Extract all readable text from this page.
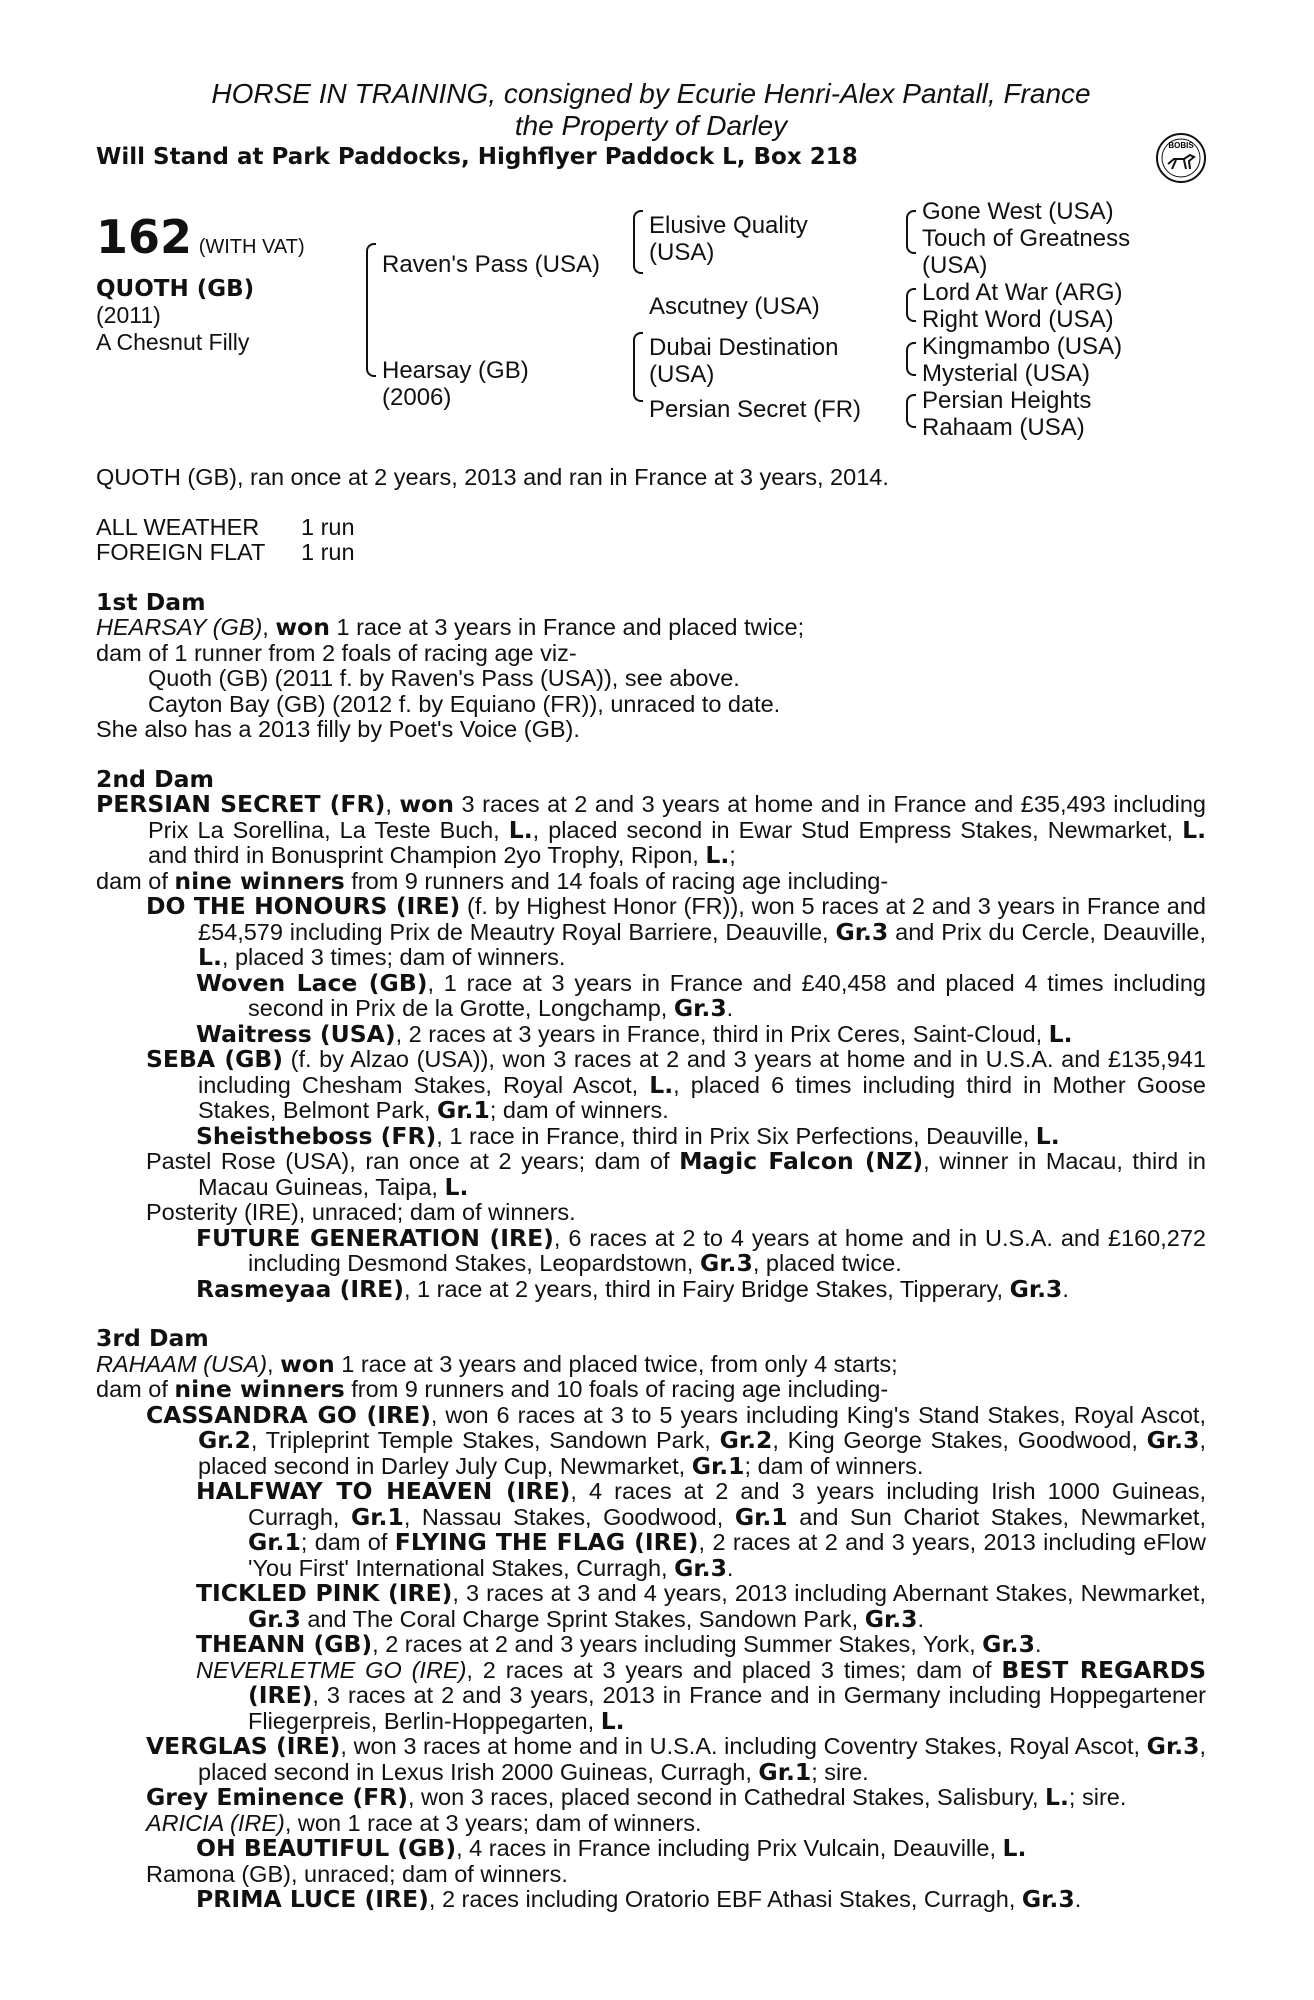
HORSE IN TRAINING, consigned by Ecurie Henri-Alex Pantall, France
the Property of Darley
Will Stand at Park Paddocks, Highflyer Paddock L, Box 218	BOBIS
162 (WITH VAT)
QUOTH (GB)
(2011)
A Chesnut Filly
Raven's Pass (USA)
Hearsay (GB)
(2006)
Elusive Quality
(USA)
Ascutney (USA)
Dubai Destination
(USA)
Persian Secret (FR)
Gone West (USA)
Touch of Greatness
(USA)
Lord At War (ARG)
Right Word (USA)
Kingmambo (USA)
Mysterial (USA)
Persian Heights
Rahaam (USA)

QUOTH (GB), ran once at 2 years, 2013 and ran in France at 3 years, 2014.

ALL WEATHER 1 run
FOREIGN FLAT 1 run

1st Dam

HEARSAY (GB), won 1 race at 3 years in France and placed twice;

dam of 1 runner from 2 foals of racing age viz-

Quoth (GB) (2011 f. by Raven's Pass (USA)), see above.

Cayton Bay (GB) (2012 f. by Equiano (FR)), unraced to date.

She also has a 2013 filly by Poet's Voice (GB).

2nd Dam

PERSIAN SECRET (FR), won 3 races at 2 and 3 years at home and in France and £35,493 including Prix La Sorellina, La Teste Buch, L., placed second in Ewar Stud Empress Stakes, Newmarket, L. and third in Bonusprint Champion 2yo Trophy, Ripon, L.;

dam of nine winners from 9 runners and 14 foals of racing age including-

DO THE HONOURS (IRE) (f. by Highest Honor (FR)), won 5 races at 2 and 3 years in France and £54,579 including Prix de Meautry Royal Barriere, Deauville, Gr.3 and Prix du Cercle, Deauville, L., placed 3 times; dam of winners.

Woven Lace (GB), 1 race at 3 years in France and £40,458 and placed 4 times including second in Prix de la Grotte, Longchamp, Gr.3.

Waitress (USA), 2 races at 3 years in France, third in Prix Ceres, Saint-Cloud, L.

SEBA (GB) (f. by Alzao (USA)), won 3 races at 2 and 3 years at home and in U.S.A. and £135,941 including Chesham Stakes, Royal Ascot, L., placed 6 times including third in Mother Goose Stakes, Belmont Park, Gr.1; dam of winners.

Sheistheboss (FR), 1 race in France, third in Prix Six Perfections, Deauville, L.

Pastel Rose (USA), ran once at 2 years; dam of Magic Falcon (NZ), winner in Macau, third in Macau Guineas, Taipa, L.

Posterity (IRE), unraced; dam of winners.

FUTURE GENERATION (IRE), 6 races at 2 to 4 years at home and in U.S.A. and £160,272 including Desmond Stakes, Leopardstown, Gr.3, placed twice.

Rasmeyaa (IRE), 1 race at 2 years, third in Fairy Bridge Stakes, Tipperary, Gr.3.

3rd Dam

RAHAAM (USA), won 1 race at 3 years and placed twice, from only 4 starts;

dam of nine winners from 9 runners and 10 foals of racing age including-

CASSANDRA GO (IRE), won 6 races at 3 to 5 years including King's Stand Stakes, Royal Ascot, Gr.2, Tripleprint Temple Stakes, Sandown Park, Gr.2, King George Stakes, Goodwood, Gr.3, placed second in Darley July Cup, Newmarket, Gr.1; dam of winners.

HALFWAY TO HEAVEN (IRE), 4 races at 2 and 3 years including Irish 1000 Guineas, Curragh, Gr.1, Nassau Stakes, Goodwood, Gr.1 and Sun Chariot Stakes, Newmarket, Gr.1; dam of FLYING THE FLAG (IRE), 2 races at 2 and 3 years, 2013 including eFlow 'You First' International Stakes, Curragh, Gr.3.

TICKLED PINK (IRE), 3 races at 3 and 4 years, 2013 including Abernant Stakes, Newmarket, Gr.3 and The Coral Charge Sprint Stakes, Sandown Park, Gr.3.

THEANN (GB), 2 races at 2 and 3 years including Summer Stakes, York, Gr.3.

NEVERLETME GO (IRE), 2 races at 3 years and placed 3 times; dam of BEST REGARDS (IRE), 3 races at 2 and 3 years, 2013 in France and in Germany including Hoppegartener Fliegerpreis, Berlin-Hoppegarten, L.

VERGLAS (IRE), won 3 races at home and in U.S.A. including Coventry Stakes, Royal Ascot, Gr.3, placed second in Lexus Irish 2000 Guineas, Curragh, Gr.1; sire.

Grey Eminence (FR), won 3 races, placed second in Cathedral Stakes, Salisbury, L.; sire.

ARICIA (IRE), won 1 race at 3 years; dam of winners.

OH BEAUTIFUL (GB), 4 races in France including Prix Vulcain, Deauville, L.

Ramona (GB), unraced; dam of winners.

PRIMA LUCE (IRE), 2 races including Oratorio EBF Athasi Stakes, Curragh, Gr.3.
